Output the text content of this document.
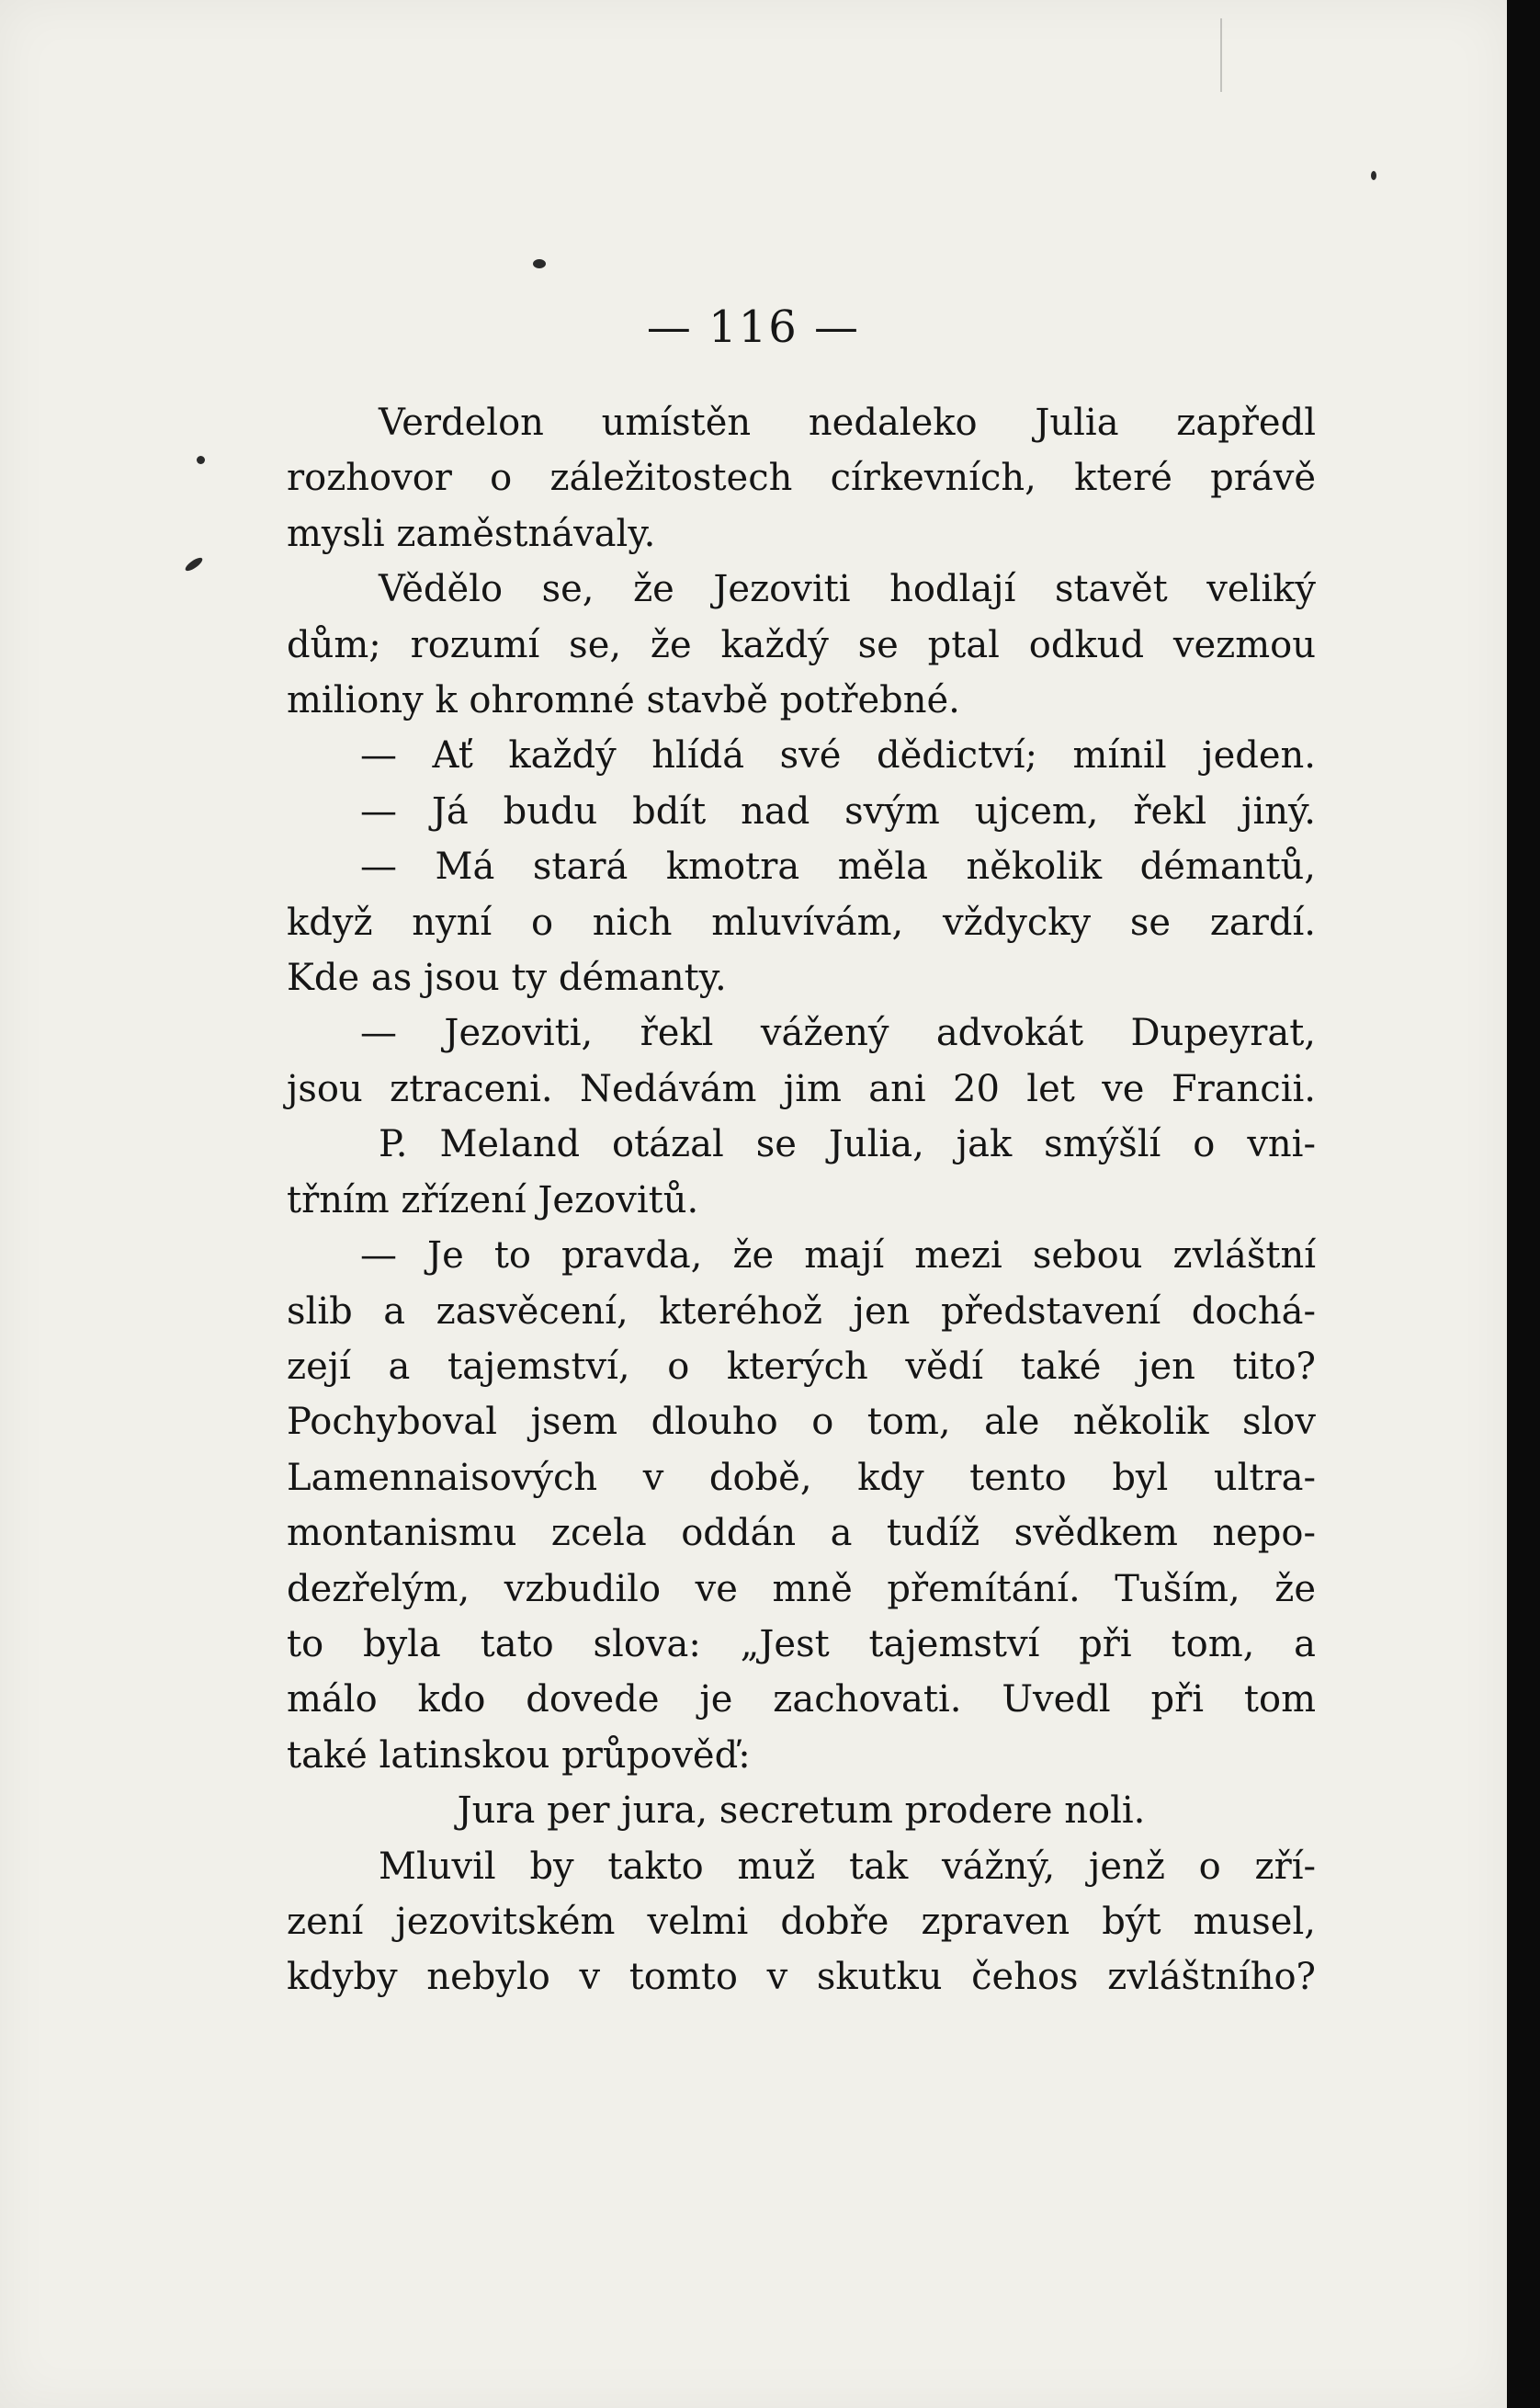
— 116 —
Verdelon umístěn nedaleko Julia zapředl
rozhovor o záležitostech církevních, které právě
mysli zaměstnávaly.
Vědělo se, že Jezoviti hodlají stavět veliký
dům; rozumí se, že každý se ptal odkud vezmou
miliony k ohromné stavbě potřebné.
— Ať každý hlídá své dědictví; mínil jeden.
— Já budu bdít nad svým ujcem, řekl jiný.
— Má stará kmotra měla několik démantů,
když nyní o nich mluvívám, vždycky se zardí.
Kde as jsou ty démanty.
— Jezoviti, řekl vážený advokát Dupeyrat,
jsou ztraceni. Nedávám jim ani 20 let ve Francii.
P. Meland otázal se Julia, jak smýšlí o vni-
třním zřízení Jezovitů.
— Je to pravda, že mají mezi sebou zvláštní
slib a zasvěcení, kteréhož jen představení dochá-
zejí a tajemství, o kterých vědí také jen tito?
Pochyboval jsem dlouho o tom, ale několik slov
Lamennaisových v době, kdy tento byl ultra-
montanismu zcela oddán a tudíž svědkem nepo-
dezřelým, vzbudilo ve mně přemítání. Tuším, že
to byla tato slova: „Jest tajemství při tom, a
málo kdo dovede je zachovati. Uvedl při tom
také latinskou průpověď:
Jura per jura, secretum prodere noli.
Mluvil by takto muž tak vážný, jenž o zří-
zení jezovitském velmi dobře zpraven být musel,
kdyby nebylo v tomto v skutku čehos zvláštního?
